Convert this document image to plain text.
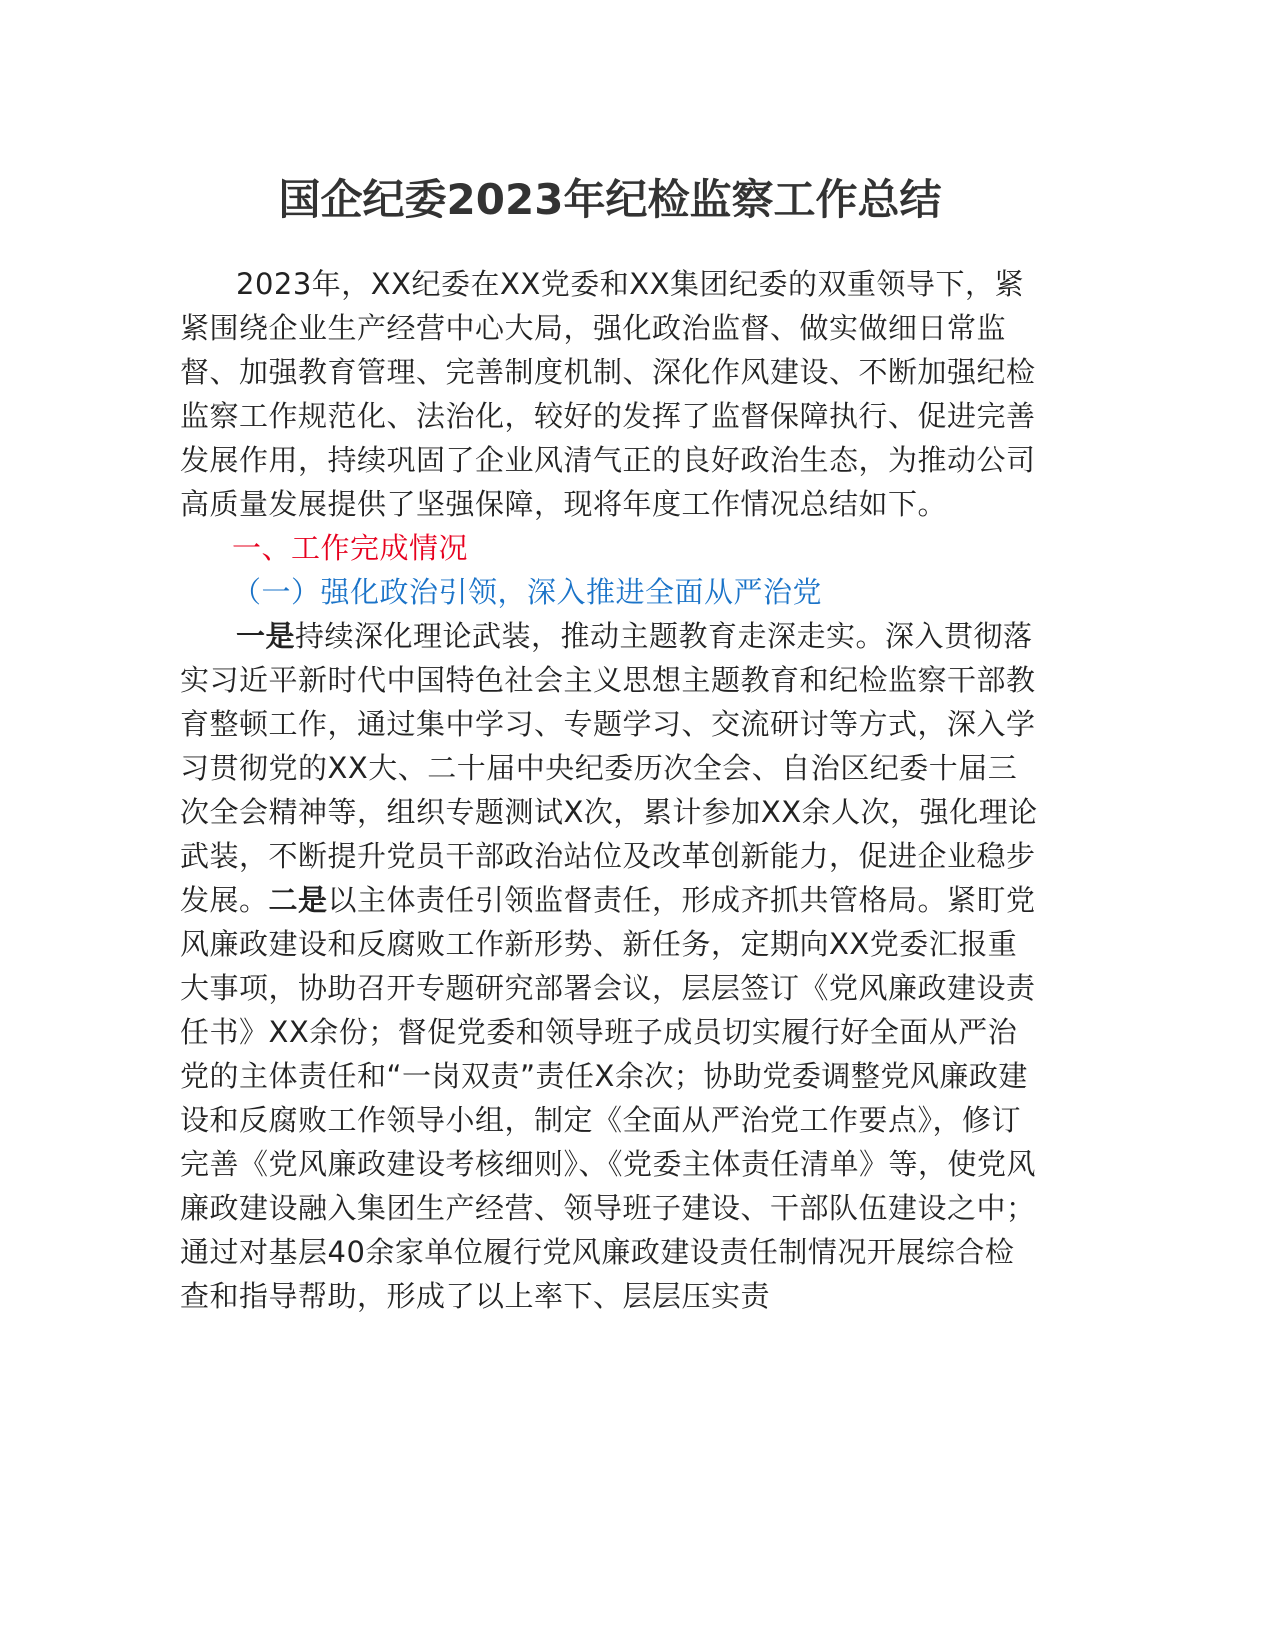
国企纪委2023年纪检监察工作总结

2023年，XX纪委在XX党委和XX集团纪委的双重领导下，紧紧围绕企业生产经营中心大局，强化政治监督、做实做细日常监督、加强教育管理、完善制度机制、深化作风建设、不断加强纪检监察工作规范化、法治化，较好的发挥了监督保障执行、促进完善发展作用，持续巩固了企业风清气正的良好政治生态，为推动公司高质量发展提供了坚强保障，现将年度工作情况总结如下。

一、工作完成情况

（一）强化政治引领，深入推进全面从严治党

一是持续深化理论武装，推动主题教育走深走实。深入贯彻落实习近平新时代中国特色社会主义思想主题教育和纪检监察干部教育整顿工作，通过集中学习、专题学习、交流研讨等方式，深入学习贯彻党的XX大、二十届中央纪委历次全会、自治区纪委十届三次全会精神等，组织专题测试X次，累计参加XX余人次，强化理论武装，不断提升党员干部政治站位及改革创新能力，促进企业稳步发展。二是以主体责任引领监督责任，形成齐抓共管格局。紧盯党风廉政建设和反腐败工作新形势、新任务，定期向XX党委汇报重大事项，协助召开专题研究部署会议，层层签订《党风廉政建设责任书》XX余份；督促党委和领导班子成员切实履行好全面从严治党的主体责任和“一岗双责”责任X余次；协助党委调整党风廉政建设和反腐败工作领导小组，制定《全面从严治党工作要点》，修订完善《党风廉政建设考核细则》、《党委主体责任清单》等，使党风廉政建设融入集团生产经营、领导班子建设、干部队伍建设之中；通过对基层40余家单位履行党风廉政建设责任制情况开展综合检查和指导帮助，形成了以上率下、层层压实责
